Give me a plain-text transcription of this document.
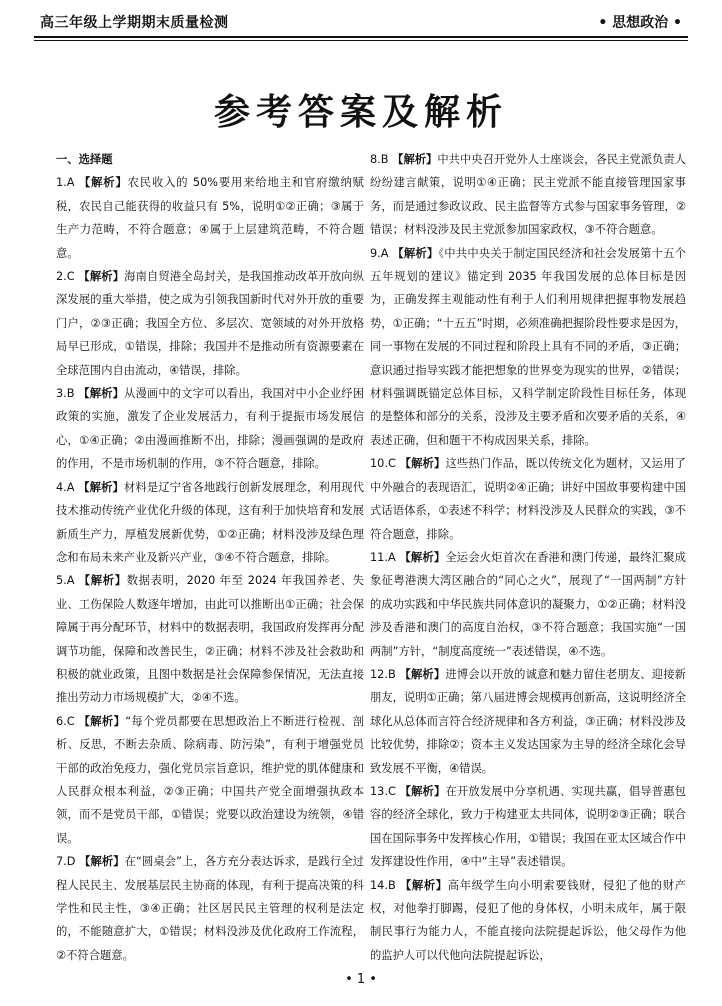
高三年级上学期期末质量检测	• 思想政治 •
参考答案及解析

一、选择题

1.A 【解析】农民收入的 50%要用来给地主和官府缴纳赋税，农民自己能获得的收益只有 5%，说明①②正确；③属于生产力范畴，不符合题意；④属于上层建筑范畴，不符合题意。

2.C 【解析】海南自贸港全岛封关，是我国推动改革开放向纵深发展的重大举措，使之成为引领我国新时代对外开放的重要门户，②③正确；我国全方位、多层次、宽领域的对外开放格局早已形成，①错误，排除；我国并不是推动所有资源要素在全球范围内自由流动，④错误，排除。

3.B 【解析】从漫画中的文字可以看出，我国对中小企业纾困政策的实施，激发了企业发展活力，有利于提振市场发展信心，①④正确；②由漫画推断不出，排除；漫画强调的是政府的作用，不是市场机制的作用，③不符合题意，排除。

4.A 【解析】材料是辽宁省各地践行创新发展理念，利用现代技术推动传统产业优化升级的体现，这有利于加快培育和发展新质生产力，厚植发展新优势，①②正确；材料没涉及绿色理念和布局未来产业及新兴产业，③④不符合题意，排除。

5.A 【解析】数据表明，2020 年至 2024 年我国养老、失业、工伤保险人数逐年增加，由此可以推断出①正确；社会保障属于再分配环节，材料中的数据表明，我国政府发挥再分配调节功能，保障和改善民生，②正确；材料不涉及社会救助和积极的就业政策，且图中数据是社会保障参保情况，无法直接推出劳动力市场规模扩大，②④不选。

6.C 【解析】“每个党员都要在思想政治上不断进行检视、剖析、反思，不断去杂质、除病毒、防污染”，有利于增强党员干部的政治免疫力，强化党员宗旨意识，维护党的肌体健康和人民群众根本利益，②③正确；中国共产党全面增强执政本领，而不是党员干部，①错误；党要以政治建设为统领，④错误。

7.D 【解析】在“圆桌会”上，各方充分表达诉求，是践行全过程人民民主、发展基层民主协商的体现，有利于提高决策的科学性和民主性，③④正确；社区居民民主管理的权利是法定的，不能随意扩大，①错误；材料没涉及优化政府工作流程，②不符合题意。

8.B 【解析】中共中央召开党外人士座谈会，各民主党派负责人纷纷建言献策，说明①④正确；民主党派不能直接管理国家事务，而是通过参政议政、民主监督等方式参与国家事务管理，②错误；材料没涉及民主党派参加国家政权，③不符合题意。

9.A 【解析】《中共中央关于制定国民经济和社会发展第十五个五年规划的建议》锚定到 2035 年我国发展的总体目标是因为，正确发挥主观能动性有利于人们利用规律把握事物发展趋势，①正确；“十五五”时期，必须准确把握阶段性要求是因为，同一事物在发展的不同过程和阶段上具有不同的矛盾，③正确；意识通过指导实践才能把想象的世界变为现实的世界，②错误；材料强调既锚定总体目标，又科学制定阶段性目标任务，体现的是整体和部分的关系，没涉及主要矛盾和次要矛盾的关系，④表述正确，但和题干不构成因果关系，排除。

10.C 【解析】这些热门作品，既以传统文化为题材，又运用了中外融合的表现语汇，说明②④正确；讲好中国故事要构建中国式话语体系，①表述不科学；材料没涉及人民群众的实践，③不符合题意，排除。

11.A 【解析】全运会火炬首次在香港和澳门传递，最终汇聚成象征粤港澳大湾区融合的“同心之火”，展现了“一国两制”方针的成功实践和中华民族共同体意识的凝聚力，①②正确；材料没涉及香港和澳门的高度自治权，③不符合题意；我国实施“一国两制”方针，“制度高度统一”表述错误，④不选。

12.B 【解析】进博会以开放的诚意和魅力留住老朋友、迎接新朋友，说明①正确；第八届进博会规模再创新高，这说明经济全球化从总体而言符合经济规律和各方利益，③正确；材料没涉及比较优势，排除②；资本主义发达国家为主导的经济全球化会导致发展不平衡，④错误。

13.C 【解析】在开放发展中分享机遇、实现共赢，倡导普惠包容的经济全球化，致力于构建亚太共同体，说明②③正确；联合国在国际事务中发挥核心作用，①错误；我国在亚太区域合作中发挥建设性作用，④中“主导”表述错误。

14.B 【解析】高年级学生向小明索要钱财，侵犯了他的财产权，对他拳打脚踢，侵犯了他的身体权，小明未成年，属于限制民事行为能力人，不能直接向法院提起诉讼，他父母作为他的监护人可以代他向法院提起诉讼，

• 1 •
